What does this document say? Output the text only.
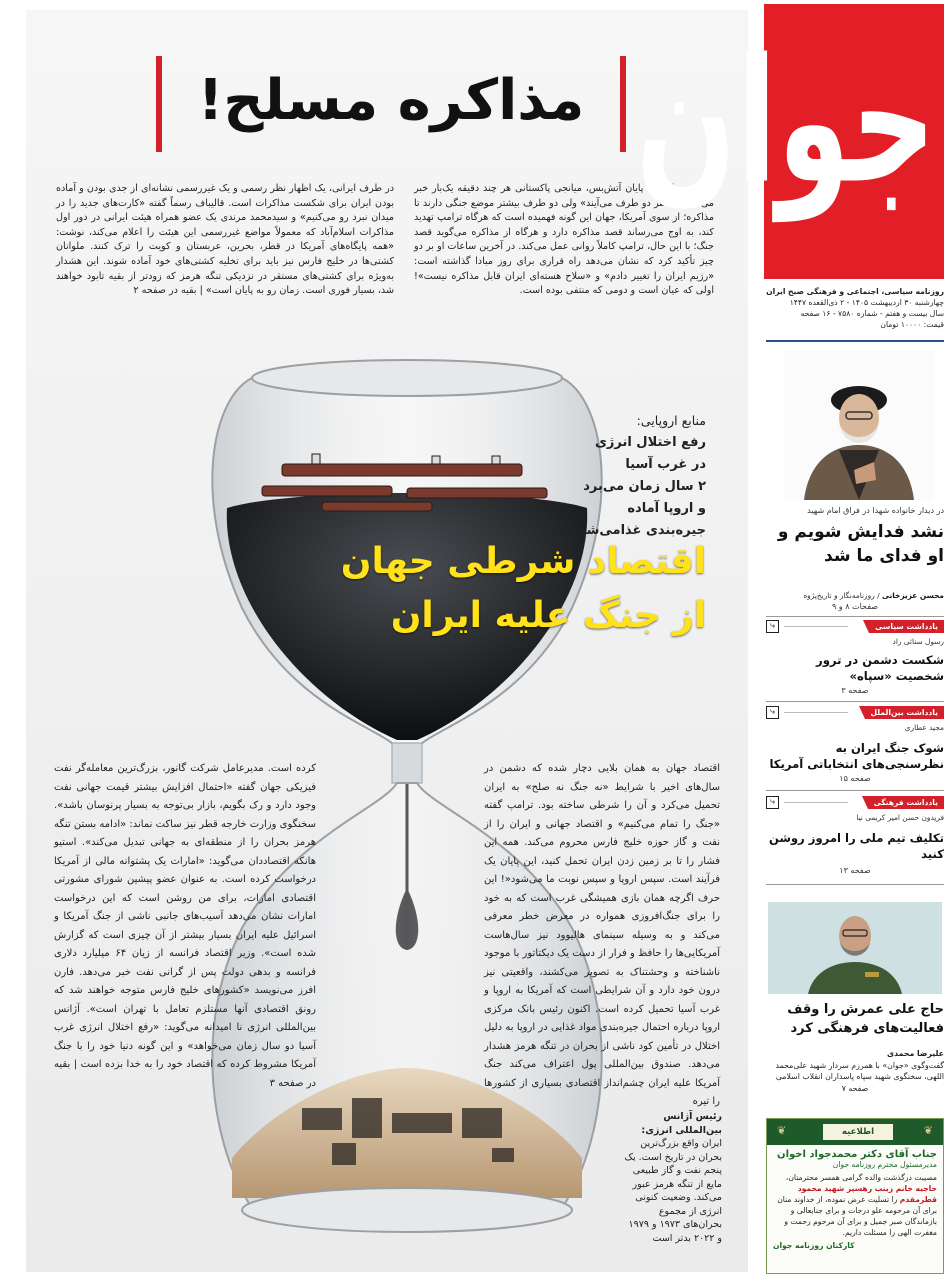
مذاکره مسلح!
ساعاتی مانده به پایان آتش‌بس، میانجی پاکستانی هر چند دقیقه یک‌بار خبر می‌دهد که «هر دو طرف می‌آیند» ولی دو طرف بیشتر موضع جنگی دارند تا مذاکره؛ از سوی آمریکا، جهان این گونه فهمیده است که هرگاه ترامپ تهدید کند، به اوج می‌رساند قصد مذاکره دارد و هرگاه از مذاکره می‌گوید قصد جنگ؛ با این حال، ترامپ کاملاً روانی عمل می‌کند. در آخرین ساعات او بر دو چیز تأکید کرد که نشان می‌دهد راه قراری برای روز مبادا گذاشته است: «رژیم ایران را تغییر دادم» و «سلاح هسته‌ای ایران قابل مذاکره نیست»! اولی که عیان است و دومی که منتفی بوده است.
در طرف ایرانی، یک اظهار نظر رسمی و یک غیررسمی نشانه‌ای از جدی بودن و آماده بودن ایران برای شکست مذاکرات است. قالیباف رسماً گفته «کارت‌های جدید را در میدان نبرد رو می‌کنیم» و سیدمحمد مرندی یک عضو همراه هیئت ایرانی در دور اول مذاکرات اسلام‌آباد که معمولاً مواضع غیررسمی این هیئت را اعلام می‌کند، نوشت: «همه پایگاه‌های آمریکا در قطر، بحرین، عربستان و کویت را ترک کنند. ملوانان کشتی‌ها در خلیج فارس نیز باید برای تخلیه کشتی‌های خود آماده شوند. این هشدار به‌ویژه برای کشتی‌های مستقر در نزدیکی تنگه هرمز که زودتر از بقیه تابود خواهند شد، بسیار فوری است. زمان رو به پایان است» | بقیه در صفحه ۲
منابع اروپایی:
رفع اختلال انرژی
در غرب آسیا
۲ سال زمان می‌برد
و اروپا آماده
جیره‌بندی غذامی‌شود
اقتصاد شرطی جهان
از جنگ علیه ایران
اقتصاد جهان به همان بلایی دچار شده که دشمن در سال‌های اخیر با شرایط «نه جنگ نه صلح» به ایران تحمیل می‌کرد و آن را شرطی ساخته بود. ترامپ گفته «جنگ را تمام می‌کنیم» و اقتصاد جهانی و ایران را از نفت و گاز حوزه خلیج فارس محروم می‌کند. همه این فشار را تا بر زمین زدن ایران تحمل کنید، این پایان یک فرآیند است. سپس اروپا و سپس نوبت ما می‌شود«! این حرف اگرچه همان بازی همیشگی غرب است که به خود را برای جنگ‌افروزی همواره در معرض خطر معرفی می‌کند و به وسیله سینمای هالیوود نیز سال‌هاست آمریکایی‌ها را حافظ و فرار از دست یک دیکتاتور با موجود ناشناخته و وحشتناک به تصویر می‌کشند، واقعیتی نیز درون خود دارد و آن شرایطی است که آمریکا به اروپا و غرب آسیا تحمیل کرده است. اکنون رئیس بانک مرکزی اروپا درباره احتمال جیره‌بندی مواد غذایی در اروپا به دلیل اختلال در تأمین کود ناشی از بحران در تنگه هرمز هشدار می‌دهد. صندوق بین‌المللی پول اعتراف می‌کند جنگ آمریکا علیه ایران چشم‌انداز اقتصادی بسیاری از کشورها را تیره
کرده است. مدیرعامل شرکت گانور، بزرگ‌ترین معامله‌گر نفت فیزیکی جهان گفته «احتمال افزایش بیشتر قیمت جهانی نفت وجود دارد و رک بگویم، بازار بی‌توجه به بسیار پرنوسان باشد». سخنگوی وزارت خارجه قطر نیز ساکت نماند: «ادامه بستن تنگه هرمز بحران را از منطقه‌ای به جهانی تبدیل می‌کند». استیو هانکه اقتصاددان می‌گوید: «امارات یک پشتوانه مالی از آمریکا درخواست کرده است. به عنوان عضو پیشین شورای مشورتی اقتصادی امارات، برای من روشن است که این درخواست امارات نشان می‌دهد آسیب‌های جانبی ناشی از جنگ آمریکا و اسرائیل علیه ایران بسیار بیشتر از آن چیزی است که گزارش شده است». وزیر اقتصاد فرانسه از زیان ۶۴ میلیارد دلاری فرانسه و بدهی دولت پس از گرانی نفت خبر می‌دهد. فارن افرز می‌نویسد «کشورهای خلیج فارس متوجه خواهند شد که رونق اقتصادی آنها مستلزم تعامل با تهران است». آژانس بین‌المللی انرژی نا امیدانه می‌گوید: «رفع اختلال انرژی غرب آسیا دو سال زمان می‌خواهد» و این گونه دنیا خود را با جنگ آمریکا مشروط کرده که اقتصاد خود را به خدا بزده است | بقیه در صفحه ۳
رئیس آژانس بین‌المللی انرژی:
ایران واقع بزرگ‌ترین بحران در تاریخ است. یک پنجم نفت و گاز طبیعی مایع از تنگه هرمز عبور می‌کند. وضعیت کنونی انرژی از مجموع بحران‌های ۱۹۷۳ و ۱۹۷۹ و ۲۰۲۲ بدتر است
جوان
روزنامه سیاسی، اجتماعی و فرهنگی صبح ایران
چهارشنبه ۳۰ اردیبهشت ۱۴۰۵ - ۲ ذی‌القعده ۱۴۴۷
سال بیست و هفتم - شماره ۷۵۸۰ - ۱۶ صفحه
قیمت: ۱۰۰۰۰ تومان
در دیدار خانواده شهدا در فراق امام شهید
نشد فدایش شویم و او فدای ما شد
محسن عزیزخانی / روزنامه‌نگار و تاریخ‌پژوه
صفحات ۸ و ۹
یادداشت سیاسی
⤷
رسول سنائی راد
شکست دشمن در ترور شخصیت «سپاه»
صفحه ۳
یادداشت بین‌الملل
⤷
مجید عطاری
شوک جنگ ایران به نظرسنجی‌های انتخاباتی آمریکا
صفحه ۱۵
یادداشت فرهنگی
⤷
فریدون حسن امیر کریمی نیا
تکلیف تیم ملی را امروز روشن کنید
صفحه ۱۳
حاج علی عمرش را وقف فعالیت‌های فرهنگی کرد
علیرضا محمدی
گفت‌وگوی «جوان» با همرزم سردار شهید علی‌محمد اللهی، سخنگوی شهید سپاه پاسداران انقلاب اسلامی
صفحه ۷
❦
اطلاعیه
❦
جناب آقای دکتر محمدجواد اخوان
مدیرمسئول محترم روزنامه جوان
مصیبت درگذشت والده گرامی همسر محترمتان، حاجیه خانم زینب رهسپر شهید محمود قطرمقدم را تسلیت عرض نموده، از خداوند منان برای آن مرحومه علو درجات و برای جنابعالی و بازماندگان صبر جمیل و برای آن مرحوم رحمت و مغفرت الهی را مسئلت داریم.
کارکنان روزنامه جوان
